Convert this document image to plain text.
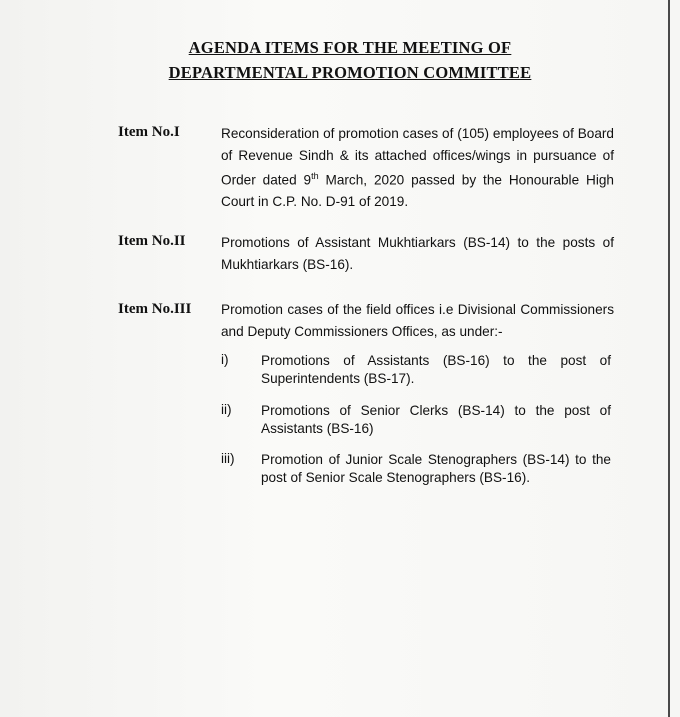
AGENDA ITEMS FOR THE MEETING OF
DEPARTMENTAL PROMOTION COMMITTEE
Item No.I	Reconsideration of promotion cases of (105) employees of Board of Revenue Sindh & its attached offices/wings in pursuance of Order dated 9th March, 2020 passed by the Honourable High Court in C.P. No. D-91 of 2019.
Item No.II	Promotions of Assistant Mukhtiarkars (BS-14) to the posts of Mukhtiarkars (BS-16).
Item No.III Promotion cases of the field offices i.e Divisional Commissioners and Deputy Commissioners Offices, as under:-
i) Promotions of Assistants (BS-16) to the post of Superintendents (BS-17).
ii) Promotions of Senior Clerks (BS-14) to the post of Assistants (BS-16)
iii) Promotion of Junior Scale Stenographers (BS-14) to the post of Senior Scale Stenographers (BS-16).
